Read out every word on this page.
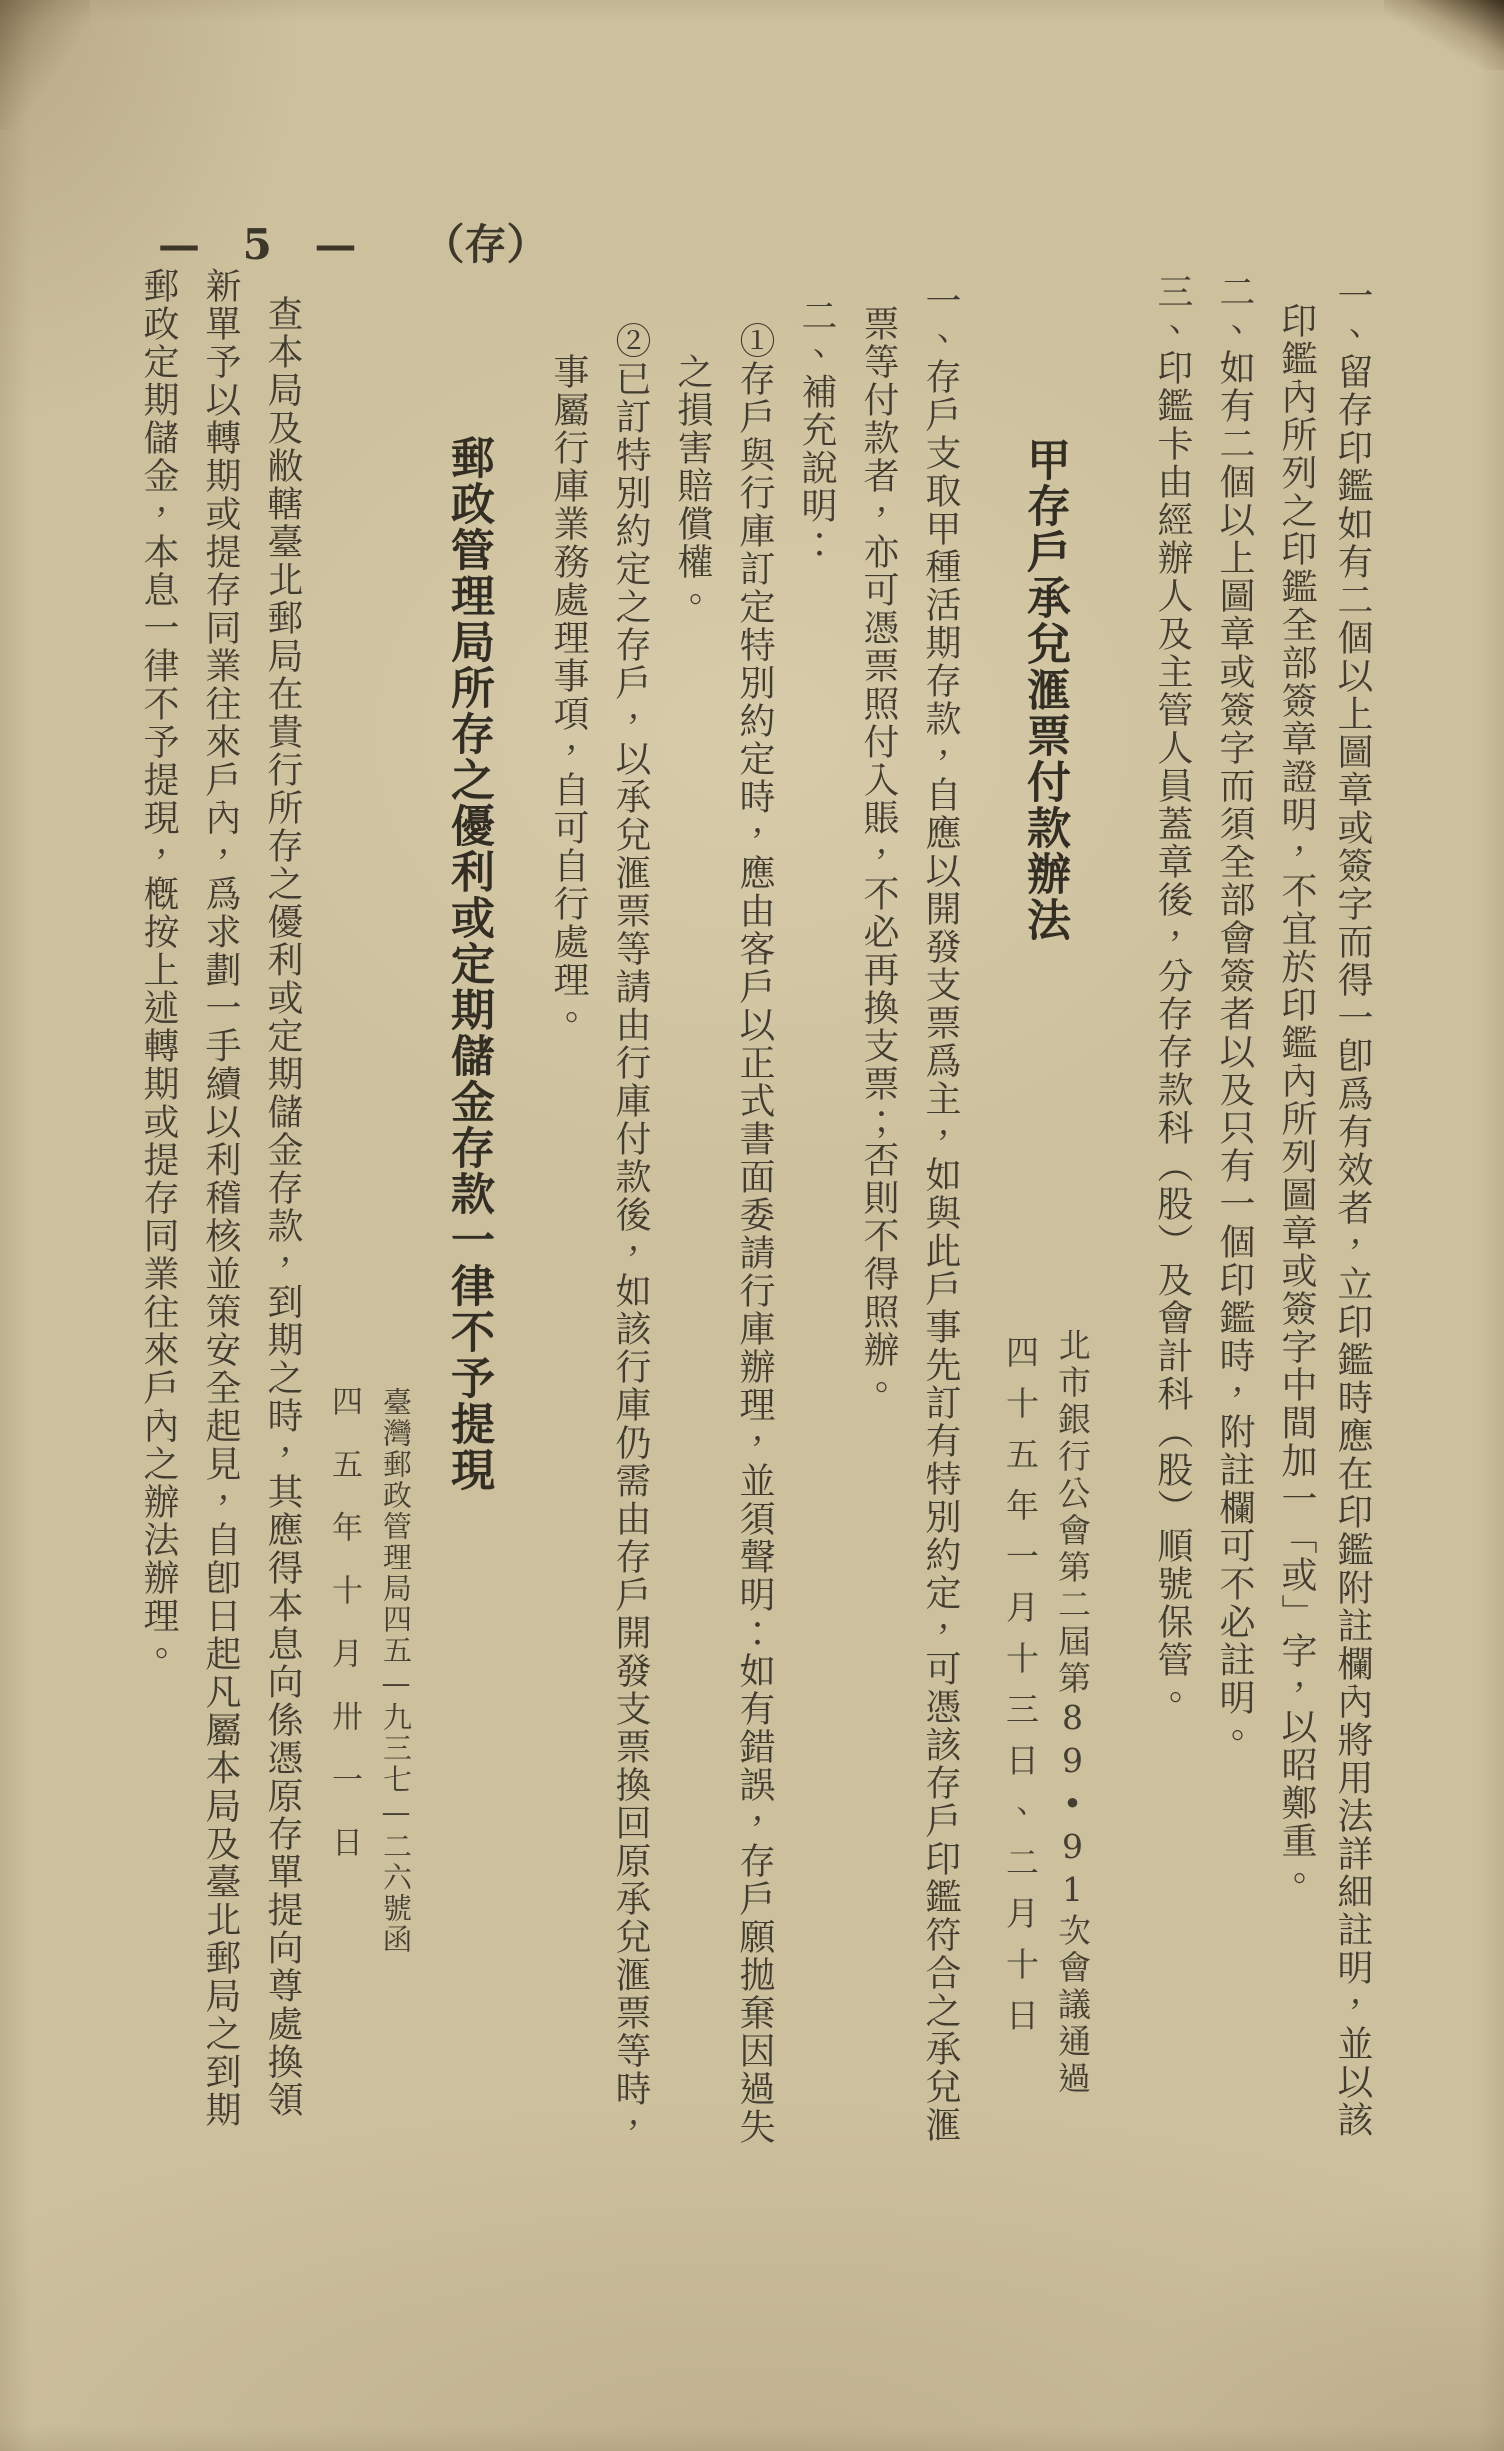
— 5 — （存）
一、留存印鑑如有二個以上圖章或簽字而得一卽爲有效者，立印鑑時應在印鑑附註欄內將用法詳細註明，並以該
印鑑內所列之印鑑全部簽章證明，不宜於印鑑內所列圖章或簽字中間加一「或」字，以昭鄭重。
二、如有二個以上圖章或簽字而須全部會簽者以及只有一個印鑑時，附註欄可不必註明。
三、印鑑卡由經辦人及主管人員蓋章後，分存存款科（股）及會計科（股）順號保管。
北市銀行公會第二屆第89•91次會議通過
四十五年一月十三日、二月十日
甲存戶承兌滙票付款辦法
一、存戶支取甲種活期存款，自應以開發支票爲主，如與此戶事先訂有特別約定，可憑該存戶印鑑符合之承兌滙
票等付款者，亦可憑票照付入賬，不必再換支票；否則不得照辦。
二、補充說明：
①存戶與行庫訂定特別約定時，應由客戶以正式書面委請行庫辦理，並須聲明：如有錯誤，存戶願拋棄因過失
之損害賠償權。
②已訂特別約定之存戶，以承兌滙票等請由行庫付款後，如該行庫仍需由存戶開發支票換回原承兌滙票等時，
事屬行庫業務處理事項，自可自行處理。
郵政管理局所存之優利或定期儲金存款一律不予提現
臺灣郵政管理局四五—九三七—二六號函
四五年十月卅一日
查本局及敝轄臺北郵局在貴行所存之優利或定期儲金存款，到期之時，其應得本息向係憑原存單提向尊處換領
新單予以轉期或提存同業往來戶內，爲求劃一手續以利稽核並策安全起見，自卽日起凡屬本局及臺北郵局之到期
郵政定期儲金，本息一律不予提現，槪按上述轉期或提存同業往來戶內之辦法辦理。
